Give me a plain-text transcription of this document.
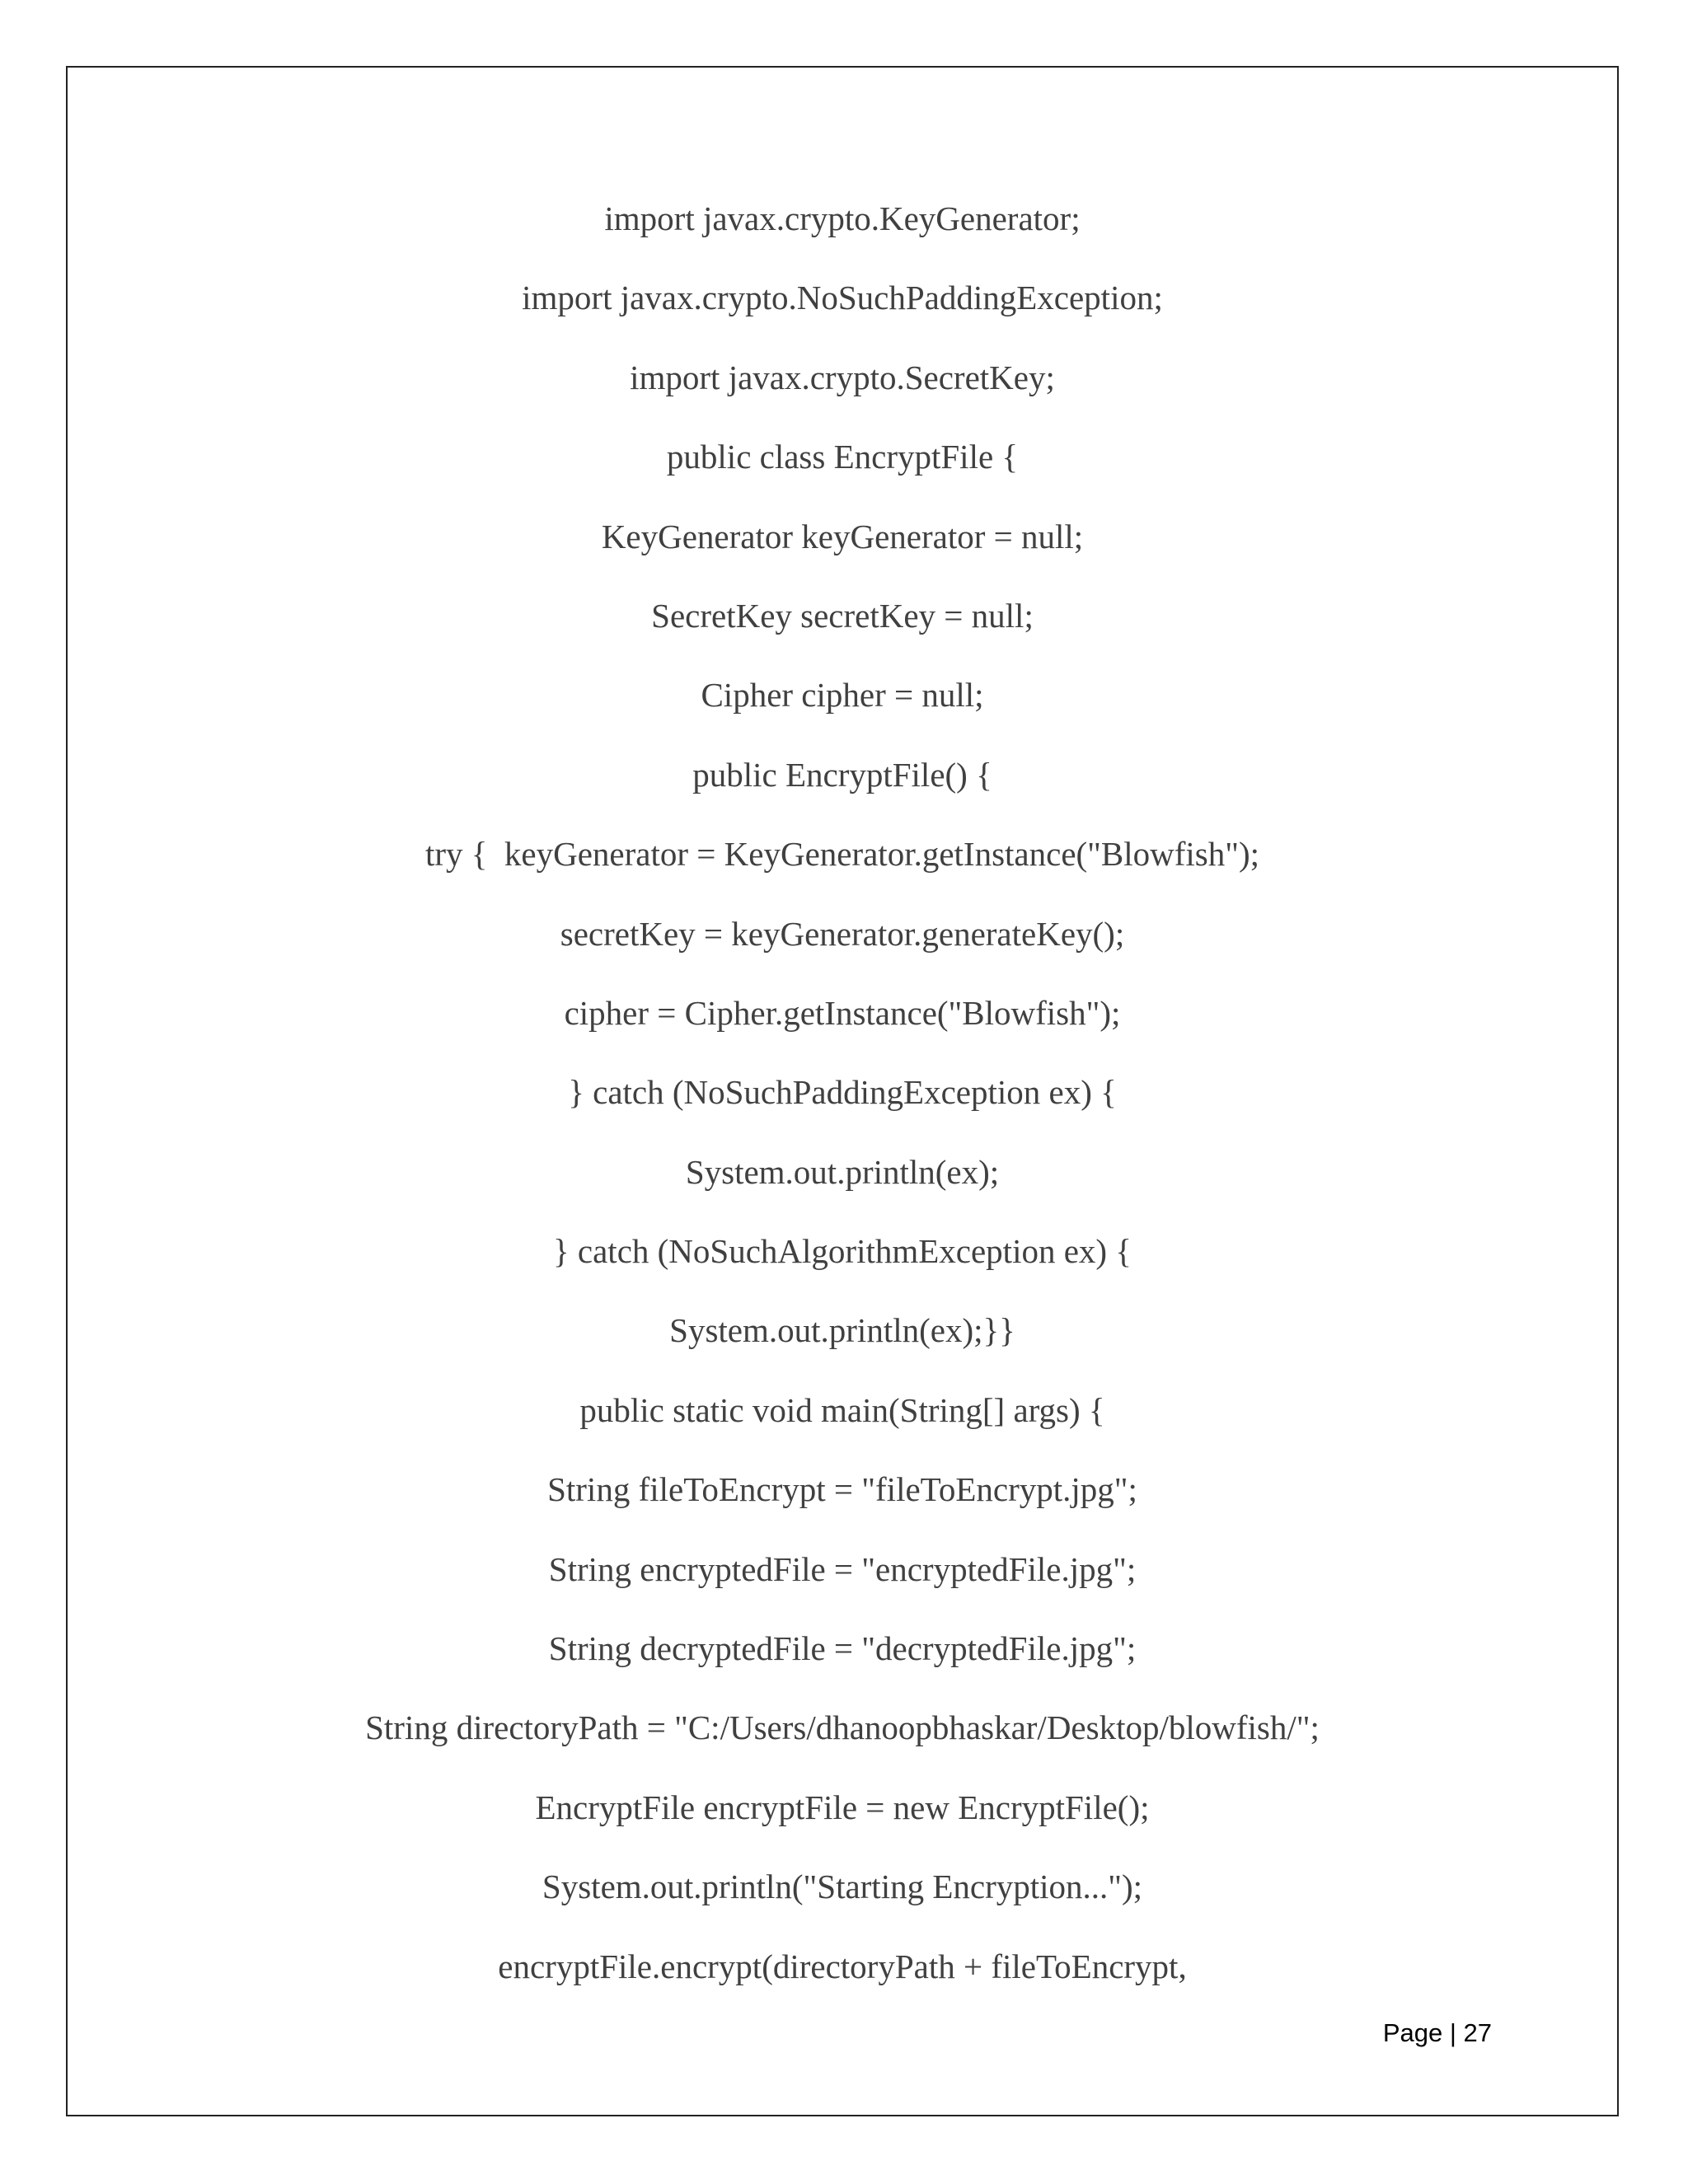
import javax.crypto.KeyGenerator;
import javax.crypto.NoSuchPaddingException;
import javax.crypto.SecretKey;
public class EncryptFile {
KeyGenerator keyGenerator = null;
SecretKey secretKey = null;
Cipher cipher = null;
public EncryptFile() {
try {  keyGenerator = KeyGenerator.getInstance("Blowfish");
secretKey = keyGenerator.generateKey();
cipher = Cipher.getInstance("Blowfish");
} catch (NoSuchPaddingException ex) {
System.out.println(ex);
} catch (NoSuchAlgorithmException ex) {
System.out.println(ex);}}
public static void main(String[] args) {
String fileToEncrypt = "fileToEncrypt.jpg";
String encryptedFile = "encryptedFile.jpg";
String decryptedFile = "decryptedFile.jpg";
String directoryPath = "C:/Users/dhanoopbhaskar/Desktop/blowfish/";
EncryptFile encryptFile = new EncryptFile();
System.out.println("Starting Encryption...");
encryptFile.encrypt(directoryPath + fileToEncrypt,
Page | 27
